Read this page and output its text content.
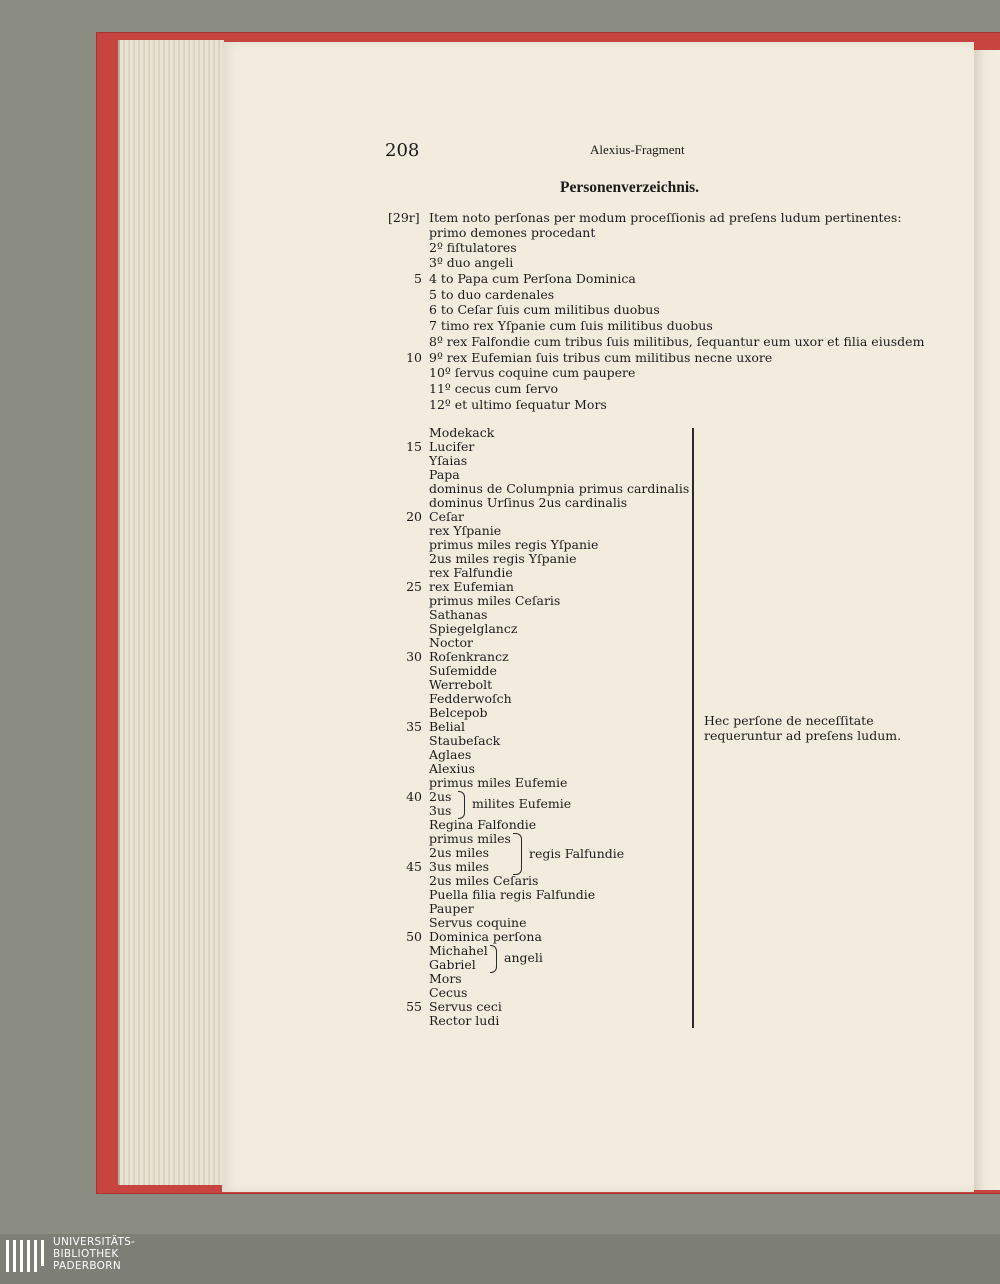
208	Alexius-Fragment
Personenverzeichnis.
[29r] Item noto perſonas per modum proceſſionis ad preſens ludum pertinentes:
primo demones procedant
2º fiſtulatores
3º duo angeli
4 to Papa cum Perſona Dominica
5 to duo cardenales
6 to Ceſar ſuis cum militibus duobus
7 timo rex Yſpanie cum ſuis militibus duobus
8º rex Falfondie cum tribus ſuis militibus, ſequantur eum uxor et filia eiusdem
9º rex Eufemian ſuis tribus cum militibus necne uxore
10º ſervus coquine cum paupere
11º cecus cum ſervo
12º et ultimo ſequatur Mors
5
10
Modekack
Lucifer
Yſaias
Papa
dominus de Columpnia primus cardinalis
dominus Urſinus 2us cardinalis
Ceſar
rex Yſpanie
primus miles regis Yſpanie
2us miles regis Yſpanie
rex Falfundie
rex Eufemian
primus miles Ceſaris
Sathanas
Spiegelglancz
Noctor
Roſenkrancz
Suſemidde
Werrebolt
Fedderwoſch
Belcepob
Belial
Staubeſack
Aglaes
Alexius
primus miles Eufemie
2us
3us
Regina Falfondie
primus miles
2us miles
3us miles
2us miles Ceſaris
Puella filia regis Falfundie
Pauper
Servus coquine
Dominica perſona
Michahel
Gabriel
Mors
Cecus
Servus ceci
Rector ludi
15
20
25
30
35
40
45
50
55
milites Eufemie
regis Falfundie
angeli
Hec perſone de neceſſitate
requeruntur ad preſens ludum.
UNIVERSITÄTS-
BIBLIOTHEK
PADERBORN
